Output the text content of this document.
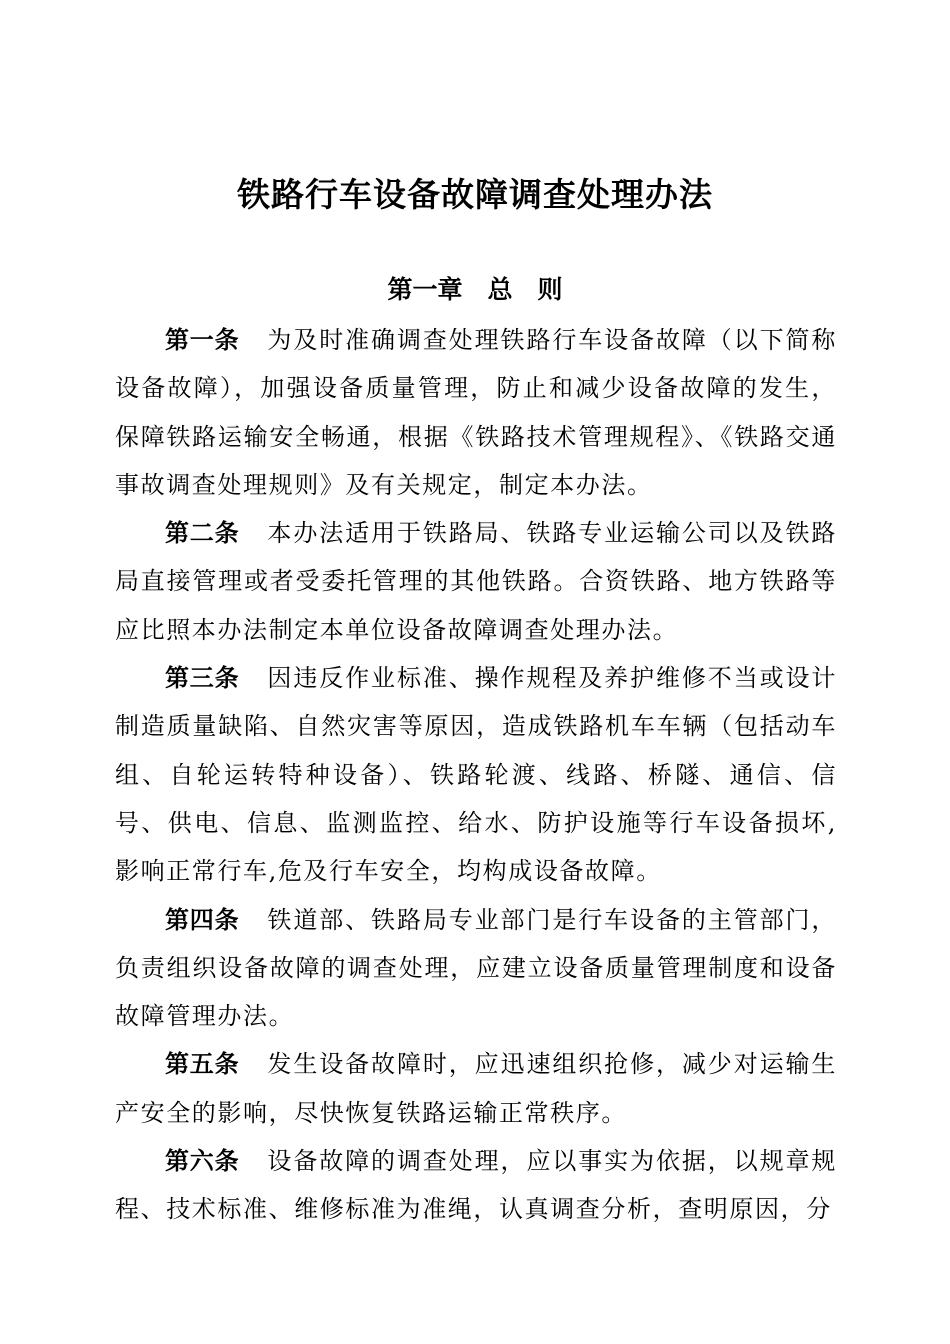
铁路行车设备故障调查处理办法
第一章　总　则

第一条 为及时准确调查处理铁路行车设备故障（以下简称设备故障），加强设备质量管理，防止和减少设备故障的发生，保障铁路运输安全畅通，根据《铁路技术管理规程》、《铁路交通事故调查处理规则》及有关规定，制定本办法。

第二条 本办法适用于铁路局、铁路专业运输公司以及铁路局直接管理或者受委托管理的其他铁路。合资铁路、地方铁路等应比照本办法制定本单位设备故障调查处理办法。

第三条 因违反作业标准、操作规程及养护维修不当或设计制造质量缺陷、自然灾害等原因，造成铁路机车车辆（包括动车组、自轮运转特种设备）、铁路轮渡、线路、桥隧、通信、信号、供电、信息、监测监控、给水、防护设施等行车设备损坏,影响正常行车,危及行车安全，均构成设备故障。

第四条 铁道部、铁路局专业部门是行车设备的主管部门，负责组织设备故障的调查处理，应建立设备质量管理制度和设备故障管理办法。

第五条 发生设备故障时，应迅速组织抢修，减少对运输生产安全的影响，尽快恢复铁路运输正常秩序。

第六条 设备故障的调查处理，应以事实为依据，以规章规程、技术标准、维修标准为准绳，认真调查分析，查明原因，分
